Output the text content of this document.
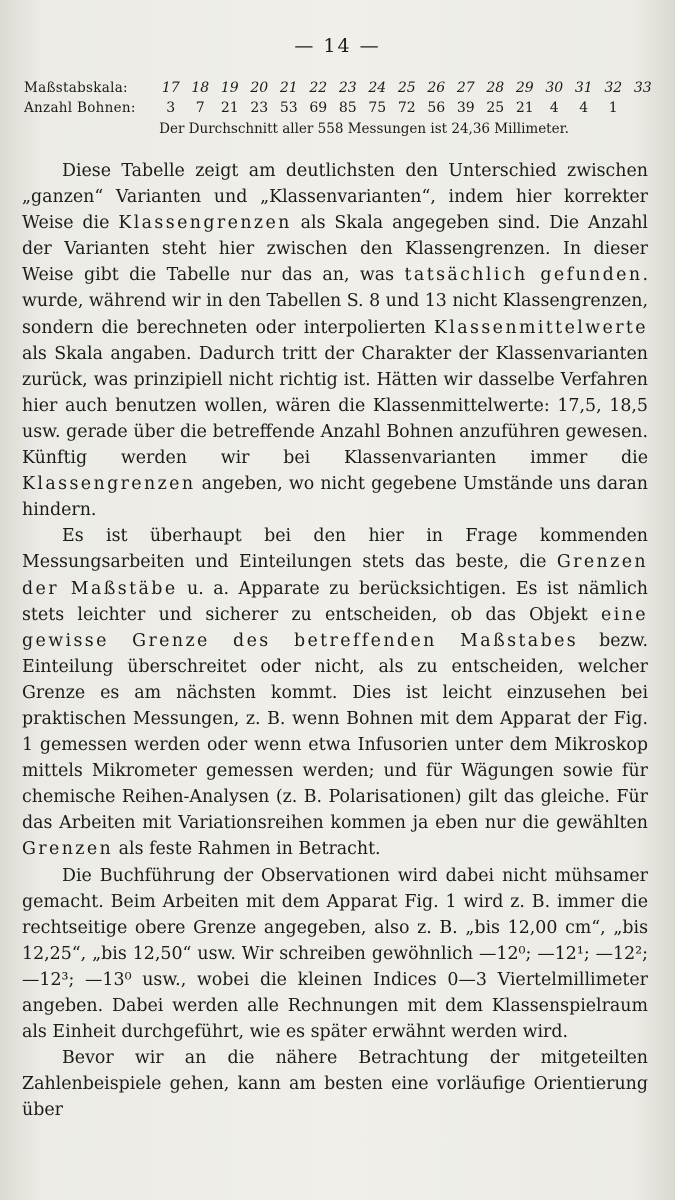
— 14 —
Maßstabskala:	17 18 19 20 21 22 23 24 25 26 27 28 29 30 31 32 33
Anzahl Bohnen:	3	7	21 23 53 69 85 75 72 56 39 25 21	4	4	1
Der Durchschnitt aller 558 Messungen ist 24,36 Millimeter.

Diese Tabelle zeigt am deutlichsten den Unterschied zwischen „ganzen“ Varianten und „Klassenvarianten“, indem hier korrekter Weise die Klassengrenzen als Skala angegeben sind. Die Anzahl der Varianten steht hier zwischen den Klassengrenzen. In dieser Weise gibt die Tabelle nur das an, was tatsächlich gefunden. wurde, während wir in den Tabellen S. 8 und 13 nicht Klassengrenzen, sondern die berechneten oder interpolierten Klassenmittelwerte als Skala angaben. Dadurch tritt der Charakter der Klassenvarianten zurück, was prinzipiell nicht richtig ist. Hätten wir dasselbe Verfahren hier auch benutzen wollen, wären die Klassenmittelwerte: 17,5, 18,5 usw. gerade über die betreffende Anzahl Bohnen anzuführen gewesen. Künftig werden wir bei Klassenvarianten immer die Klassengrenzen angeben, wo nicht gegebene Umstände uns daran hindern.

Es ist überhaupt bei den hier in Frage kommenden Messungsarbeiten und Einteilungen stets das beste, die Grenzen der Maßstäbe u. a. Apparate zu berücksichtigen. Es ist nämlich stets leichter und sicherer zu entscheiden, ob das Objekt eine gewisse Grenze des betreffenden Maßstabes bezw. Einteilung überschreitet oder nicht, als zu entscheiden, welcher Grenze es am nächsten kommt. Dies ist leicht einzusehen bei praktischen Messungen, z. B. wenn Bohnen mit dem Apparat der Fig. 1 gemessen werden oder wenn etwa Infusorien unter dem Mikroskop mittels Mikrometer gemessen werden; und für Wägungen sowie für chemische Reihen-Analysen (z. B. Polarisationen) gilt das gleiche. Für das Arbeiten mit Variationsreihen kommen ja eben nur die gewählten Grenzen als feste Rahmen in Betracht.

Die Buchführung der Observationen wird dabei nicht mühsamer gemacht. Beim Arbeiten mit dem Apparat Fig. 1 wird z. B. immer die rechtseitige obere Grenze angegeben, also z. B. „bis 12,00 cm“, „bis 12,25“, „bis 12,50“ usw. Wir schreiben gewöhnlich —12⁰; —12¹; —12²; —12³; —13⁰ usw., wobei die kleinen Indices 0—3 Viertelmillimeter angeben. Dabei werden alle Rechnungen mit dem Klassenspielraum als Einheit durchgeführt, wie es später erwähnt werden wird.

Bevor wir an die nähere Betrachtung der mitgeteilten Zahlenbeispiele gehen, kann am besten eine vorläufige Orientierung über
